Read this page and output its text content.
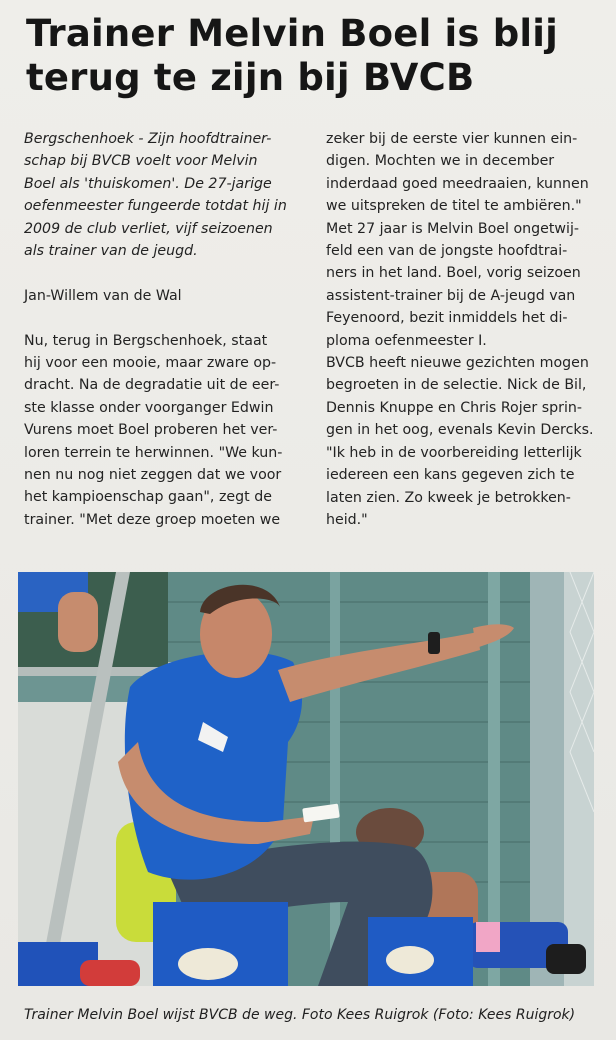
Trainer Melvin Boel is blij
terug te zijn bij BVCB

Bergschenhoek - Zijn hoofdtrainer-
schap bij BVCB voelt voor Melvin
Boel als 'thuiskomen'. De 27-jarige
oefenmeester fungeerde totdat hij in
2009 de club verliet, vijf seizoenen
als trainer van de jeugd.

Jan-Willem van de Wal

Nu, terug in Bergschenhoek, staat
hij voor een mooie, maar zware op-
dracht. Na de degradatie uit de eer-
ste klasse onder voorganger Edwin
Vurens moet Boel proberen het ver-
loren terrein te herwinnen. "We kun-
nen nu nog niet zeggen dat we voor
het kampioenschap gaan", zegt de
trainer. "Met deze groep moeten we

zeker bij de eerste vier kunnen ein-
digen. Mochten we in december
inderdaad goed meedraaien, kunnen
we uitspreken de titel te ambiëren."
Met 27 jaar is Melvin Boel ongetwij-
feld een van de jongste hoofdtrai-
ners in het land. Boel, vorig seizoen
assistent-trainer bij de A-jeugd van
Feyenoord, bezit inmiddels het di-
ploma oefenmeester I.
BVCB heeft nieuwe gezichten mogen
begroeten in de selectie. Nick de Bil,
Dennis Knuppe en Chris Rojer sprin-
gen in het oog, evenals Kevin Dercks.
"Ik heb in de voorbereiding letterlijk
iedereen een kans gegeven zich te
laten zien. Zo kweek je betrokken-
heid."

Trainer Melvin Boel wijst BVCB de weg. Foto Kees Ruigrok (Foto: Kees Ruigrok)
